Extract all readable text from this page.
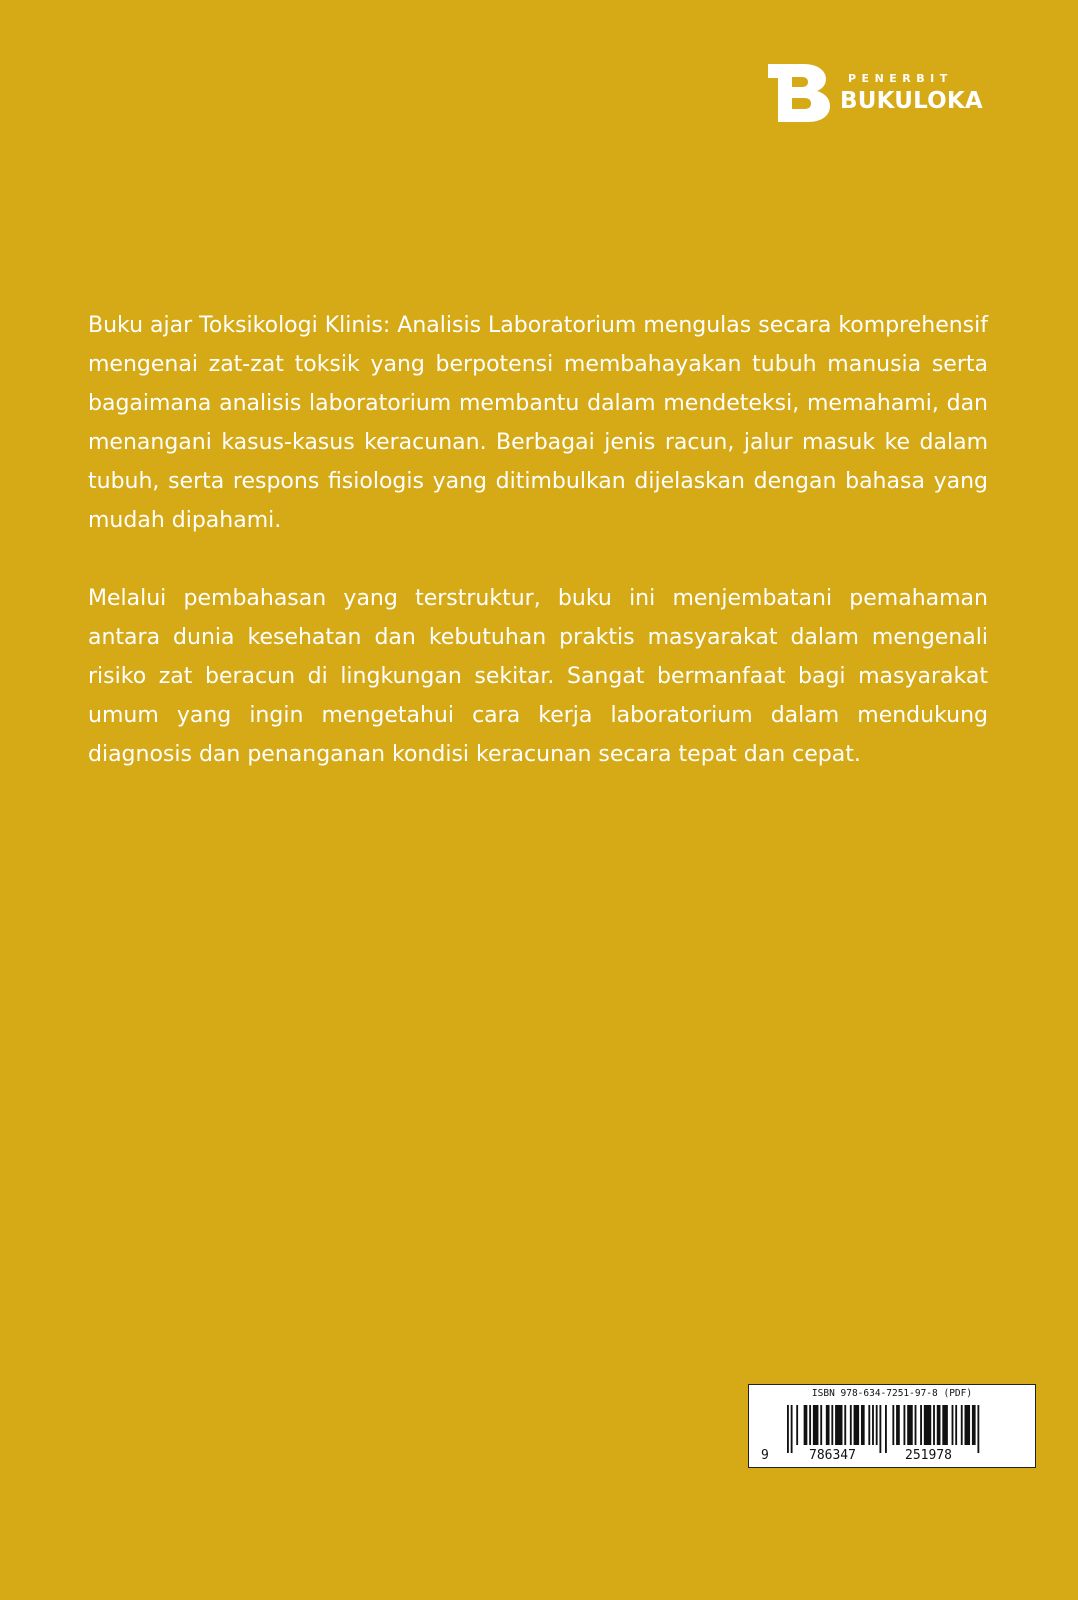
PENERBIT
BUKULOKA

Buku ajar Toksikologi Klinis: Analisis Laboratorium mengulas secara komprehensif mengenai zat-zat toksik yang berpotensi membahayakan tubuh manusia serta bagaimana analisis laboratorium membantu dalam mendeteksi, memahami, dan menangani kasus-kasus keracunan. Berbagai jenis racun, jalur masuk ke dalam tubuh, serta respons fisiologis yang ditimbulkan dijelaskan dengan bahasa yang mudah dipahami.

Melalui pembahasan yang terstruktur, buku ini menjembatani pemahaman antara dunia kesehatan dan kebutuhan praktis masyarakat dalam mengenali risiko zat beracun di lingkungan sekitar. Sangat bermanfaat bagi masyarakat umum yang ingin mengetahui cara kerja laboratorium dalam mendukung diagnosis dan penanganan kondisi keracunan secara tepat dan cepat.

ISBN 978-634-7251-97-8 (PDF)
9	786347	251978
